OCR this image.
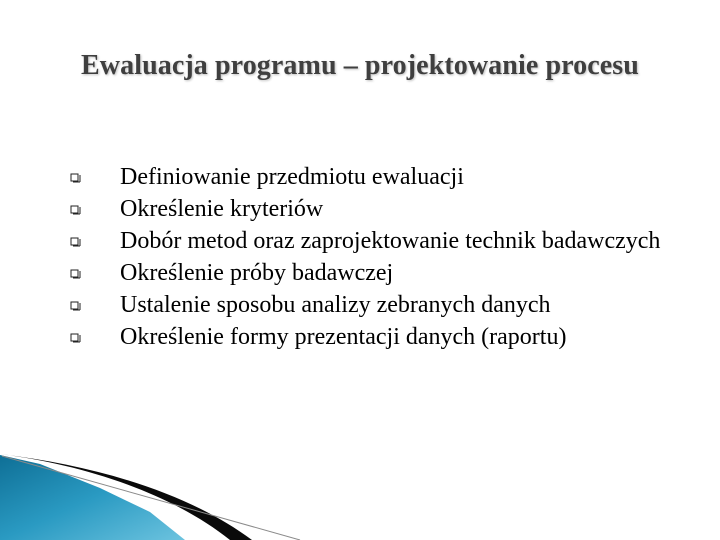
Ewaluacja programu – projektowanie procesu
Definiowanie przedmiotu ewaluacji
Określenie kryteriów
Dobór metod oraz zaprojektowanie technik badawczych
Określenie próby badawczej
Ustalenie sposobu analizy zebranych danych
Określenie formy prezentacji danych (raportu)
